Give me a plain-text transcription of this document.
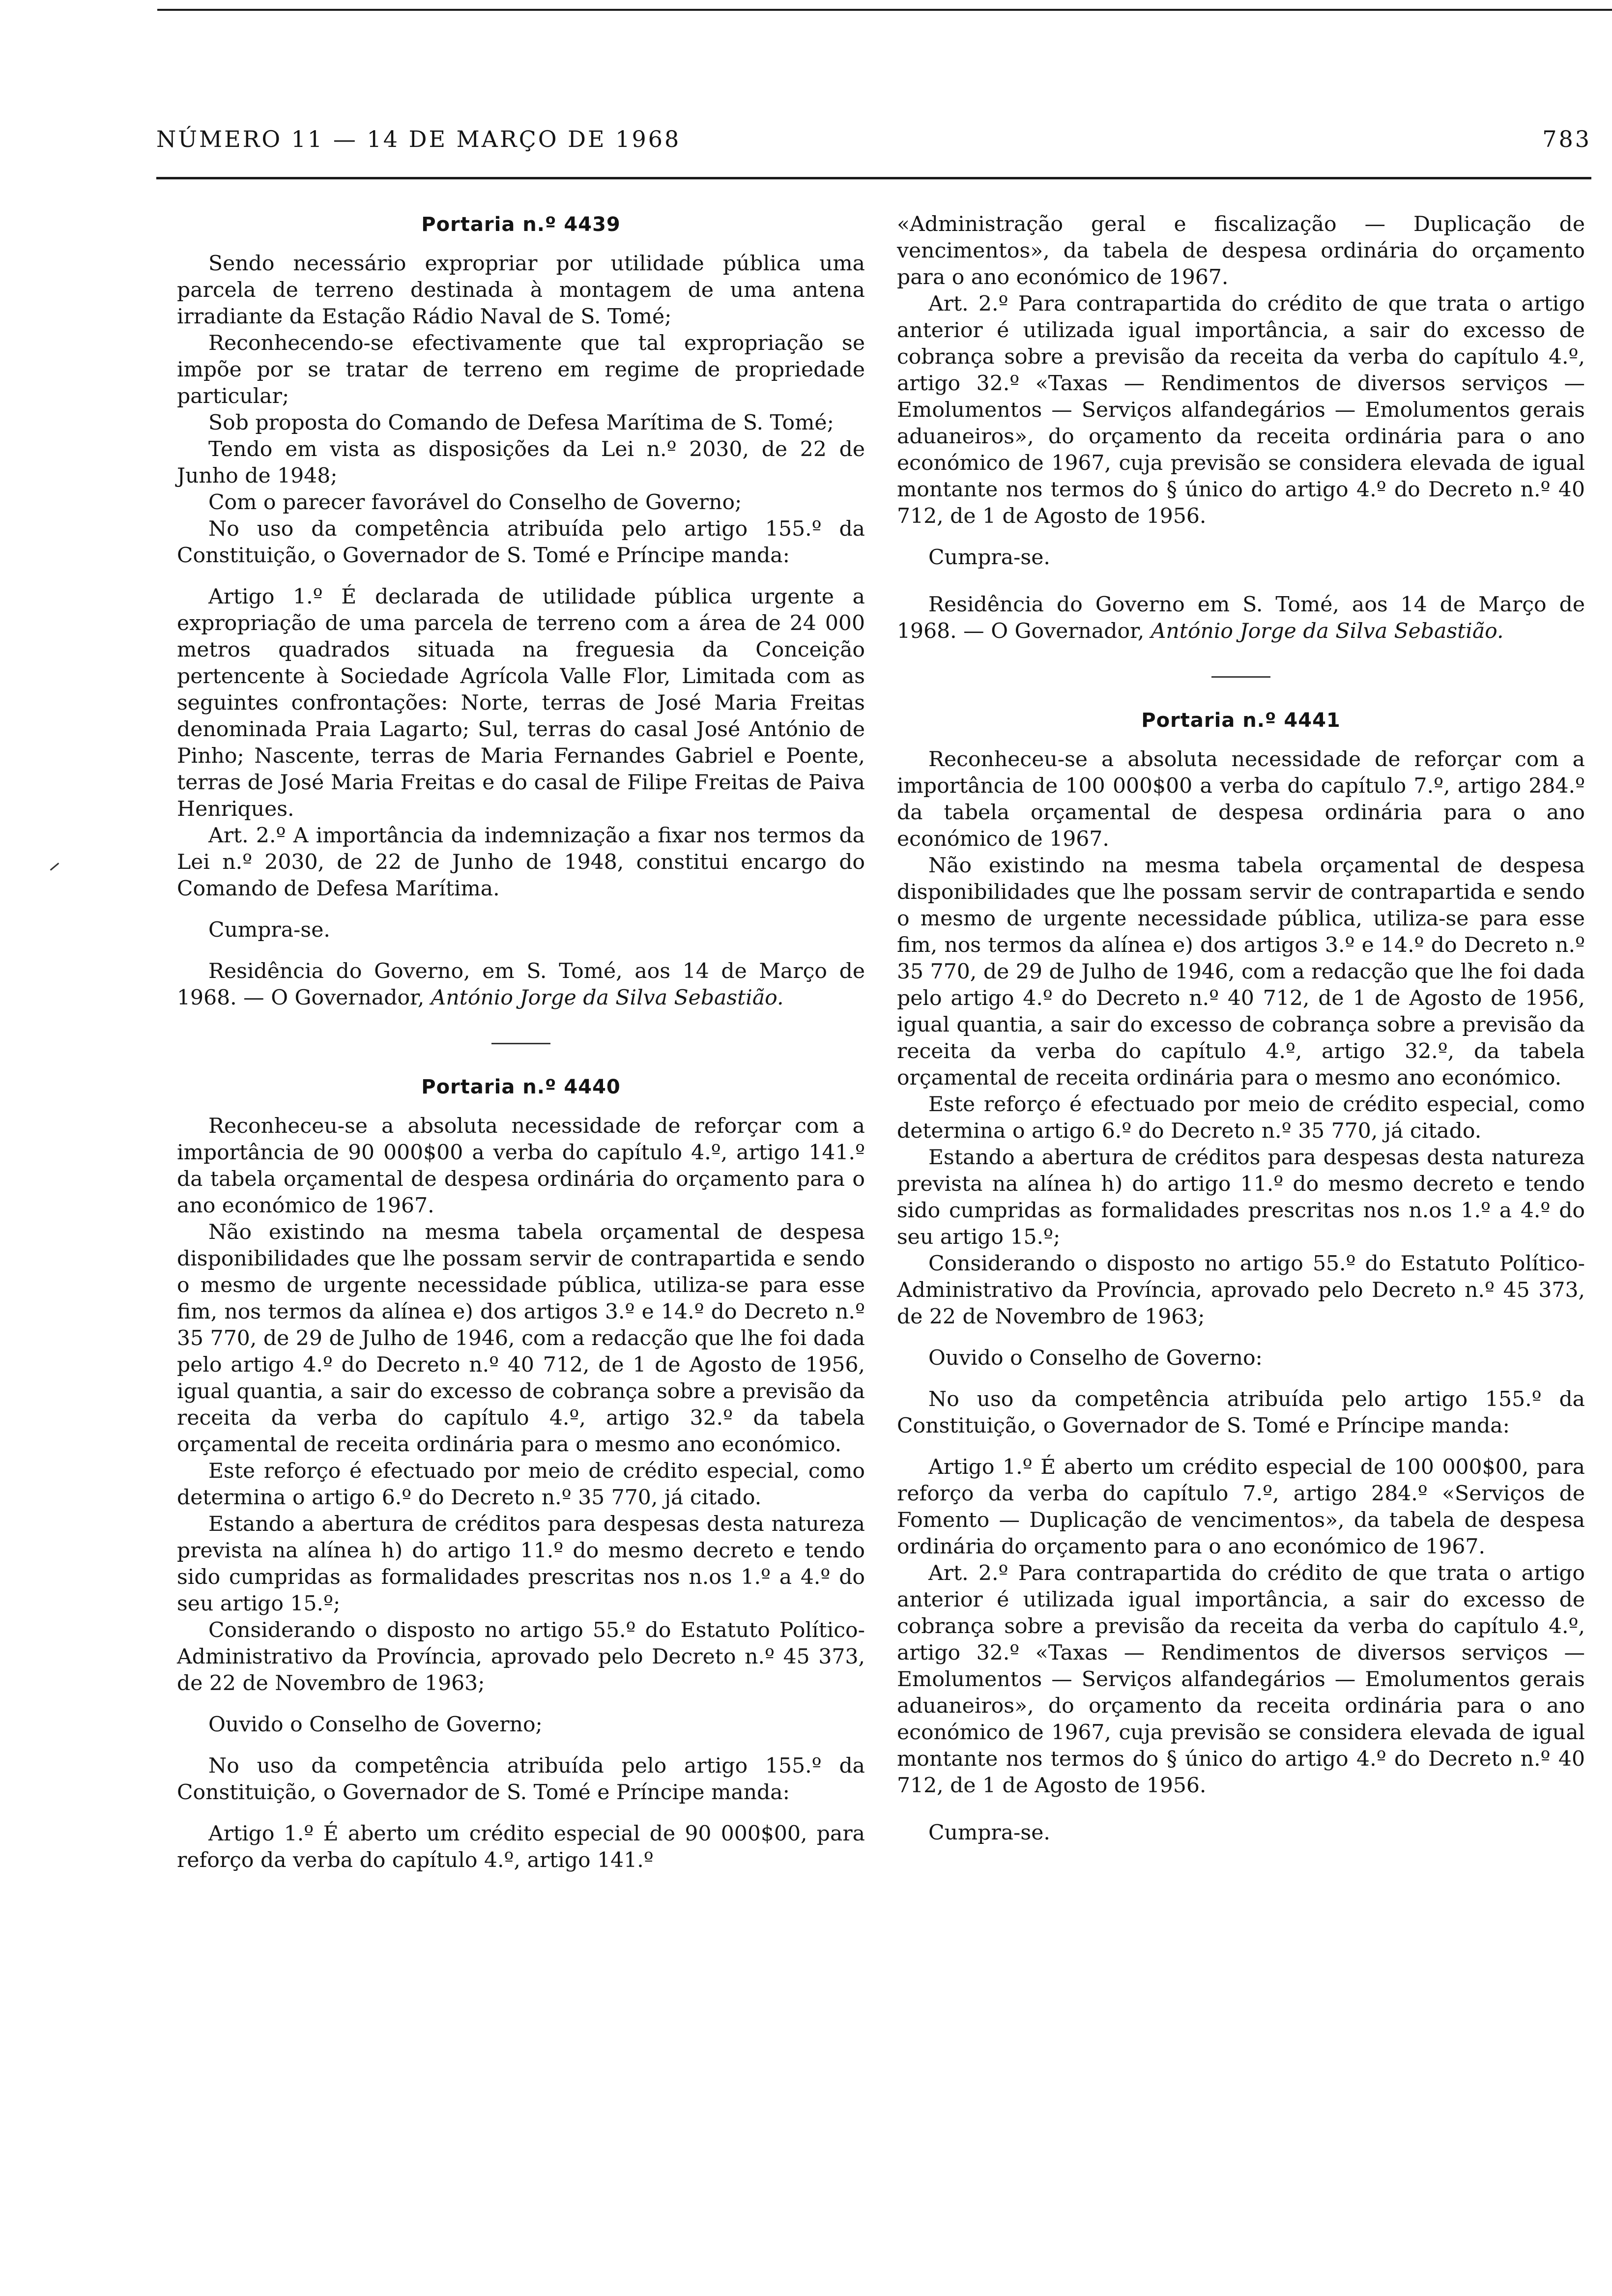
NÚMERO 11 — 14 DE MARÇO DE 1968	783
Portaria n.º 4439

Sendo necessário expropriar por utilidade pública uma parcela de terreno destinada à montagem de uma antena irradiante da Estação Rádio Naval de S. Tomé;

Reconhecendo-se efectivamente que tal expropriação se impõe por se tratar de terreno em regime de propriedade particular;

Sob proposta do Comando de Defesa Marítima de S. Tomé;

Tendo em vista as disposições da Lei n.º 2030, de 22 de Junho de 1948;

Com o parecer favorável do Conselho de Governo;

No uso da competência atribuída pelo artigo 155.º da Constituição, o Governador de S. Tomé e Príncipe manda:

Artigo 1.º É declarada de utilidade pública urgente a expropriação de uma parcela de terreno com a área de 24 000 metros quadrados situada na freguesia da Conceição pertencente à Sociedade Agrícola Valle Flor, Limitada com as seguintes confrontações: Norte, terras de José Maria Freitas denominada Praia Lagarto; Sul, terras do casal José António de Pinho; Nascente, terras de Maria Fernandes Gabriel e Poente, terras de José Maria Freitas e do casal de Filipe Freitas de Paiva Henriques.

Art. 2.º A importância da indemnização a fixar nos termos da Lei n.º 2030, de 22 de Junho de 1948, constitui encargo do Comando de Defesa Marítima.

Cumpra-se.

Residência do Governo, em S. Tomé, aos 14 de Março de 1968. — O Governador, António Jorge da Silva Sebastião.

Portaria n.º 4440

Reconheceu-se a absoluta necessidade de reforçar com a importância de 90 000$00 a verba do capítulo 4.º, artigo 141.º da tabela orçamental de despesa ordinária do orçamento para o ano económico de 1967.

Não existindo na mesma tabela orçamental de despesa disponibilidades que lhe possam servir de contrapartida e sendo o mesmo de urgente necessidade pública, utiliza-se para esse fim, nos termos da alínea e) dos artigos 3.º e 14.º do Decreto n.º 35 770, de 29 de Julho de 1946, com a redacção que lhe foi dada pelo artigo 4.º do Decreto n.º 40 712, de 1 de Agosto de 1956, igual quantia, a sair do excesso de cobrança sobre a previsão da receita da verba do capítulo 4.º, artigo 32.º da tabela orçamental de receita ordinária para o mesmo ano económico.

Este reforço é efectuado por meio de crédito especial, como determina o artigo 6.º do Decreto n.º 35 770, já citado.

Estando a abertura de créditos para despesas desta natureza prevista na alínea h) do artigo 11.º do mesmo decreto e tendo sido cumpridas as formalidades prescritas nos n.os 1.º a 4.º do seu artigo 15.º;

Considerando o disposto no artigo 55.º do Estatuto Político-Administrativo da Província, aprovado pelo Decreto n.º 45 373, de 22 de Novembro de 1963;

Ouvido o Conselho de Governo;

No uso da competência atribuída pelo artigo 155.º da Constituição, o Governador de S. Tomé e Príncipe manda:

Artigo 1.º É aberto um crédito especial de 90 000$00, para reforço da verba do capítulo 4.º, artigo 141.º

«Administração geral e fiscalização — Duplicação de vencimentos», da tabela de despesa ordinária do orçamento para o ano económico de 1967.

Art. 2.º Para contrapartida do crédito de que trata o artigo anterior é utilizada igual importância, a sair do excesso de cobrança sobre a previsão da receita da verba do capítulo 4.º, artigo 32.º «Taxas — Rendimentos de diversos serviços — Emolumentos — Serviços alfandegários — Emolumentos gerais aduaneiros», do orçamento da receita ordinária para o ano económico de 1967, cuja previsão se considera elevada de igual montante nos termos do § único do artigo 4.º do Decreto n.º 40 712, de 1 de Agosto de 1956.

Cumpra-se.

Residência do Governo em S. Tomé, aos 14 de Março de 1968. — O Governador, António Jorge da Silva Sebastião.

Portaria n.º 4441

Reconheceu-se a absoluta necessidade de reforçar com a importância de 100 000$00 a verba do capítulo 7.º, artigo 284.º da tabela orçamental de despesa ordinária para o ano económico de 1967.

Não existindo na mesma tabela orçamental de despesa disponibilidades que lhe possam servir de contrapartida e sendo o mesmo de urgente necessidade pública, utiliza-se para esse fim, nos termos da alínea e) dos artigos 3.º e 14.º do Decreto n.º 35 770, de 29 de Julho de 1946, com a redacção que lhe foi dada pelo artigo 4.º do Decreto n.º 40 712, de 1 de Agosto de 1956, igual quantia, a sair do excesso de cobrança sobre a previsão da receita da verba do capítulo 4.º, artigo 32.º, da tabela orçamental de receita ordinária para o mesmo ano económico.

Este reforço é efectuado por meio de crédito especial, como determina o artigo 6.º do Decreto n.º 35 770, já citado.

Estando a abertura de créditos para despesas desta natureza prevista na alínea h) do artigo 11.º do mesmo decreto e tendo sido cumpridas as formalidades prescritas nos n.os 1.º a 4.º do seu artigo 15.º;

Considerando o disposto no artigo 55.º do Estatuto Político-Administrativo da Província, aprovado pelo Decreto n.º 45 373, de 22 de Novembro de 1963;

Ouvido o Conselho de Governo:

No uso da competência atribuída pelo artigo 155.º da Constituição, o Governador de S. Tomé e Príncipe manda:

Artigo 1.º É aberto um crédito especial de 100 000$00, para reforço da verba do capítulo 7.º, artigo 284.º «Serviços de Fomento — Duplicação de vencimentos», da tabela de despesa ordinária do orçamento para o ano económico de 1967.

Art. 2.º Para contrapartida do crédito de que trata o artigo anterior é utilizada igual importância, a sair do excesso de cobrança sobre a previsão da receita da verba do capítulo 4.º, artigo 32.º «Taxas — Rendimentos de diversos serviços — Emolumentos — Serviços alfandegários — Emolumentos gerais aduaneiros», do orçamento da receita ordinária para o ano económico de 1967, cuja previsão se considera elevada de igual montante nos termos do § único do artigo 4.º do Decreto n.º 40 712, de 1 de Agosto de 1956.

Cumpra-se.
